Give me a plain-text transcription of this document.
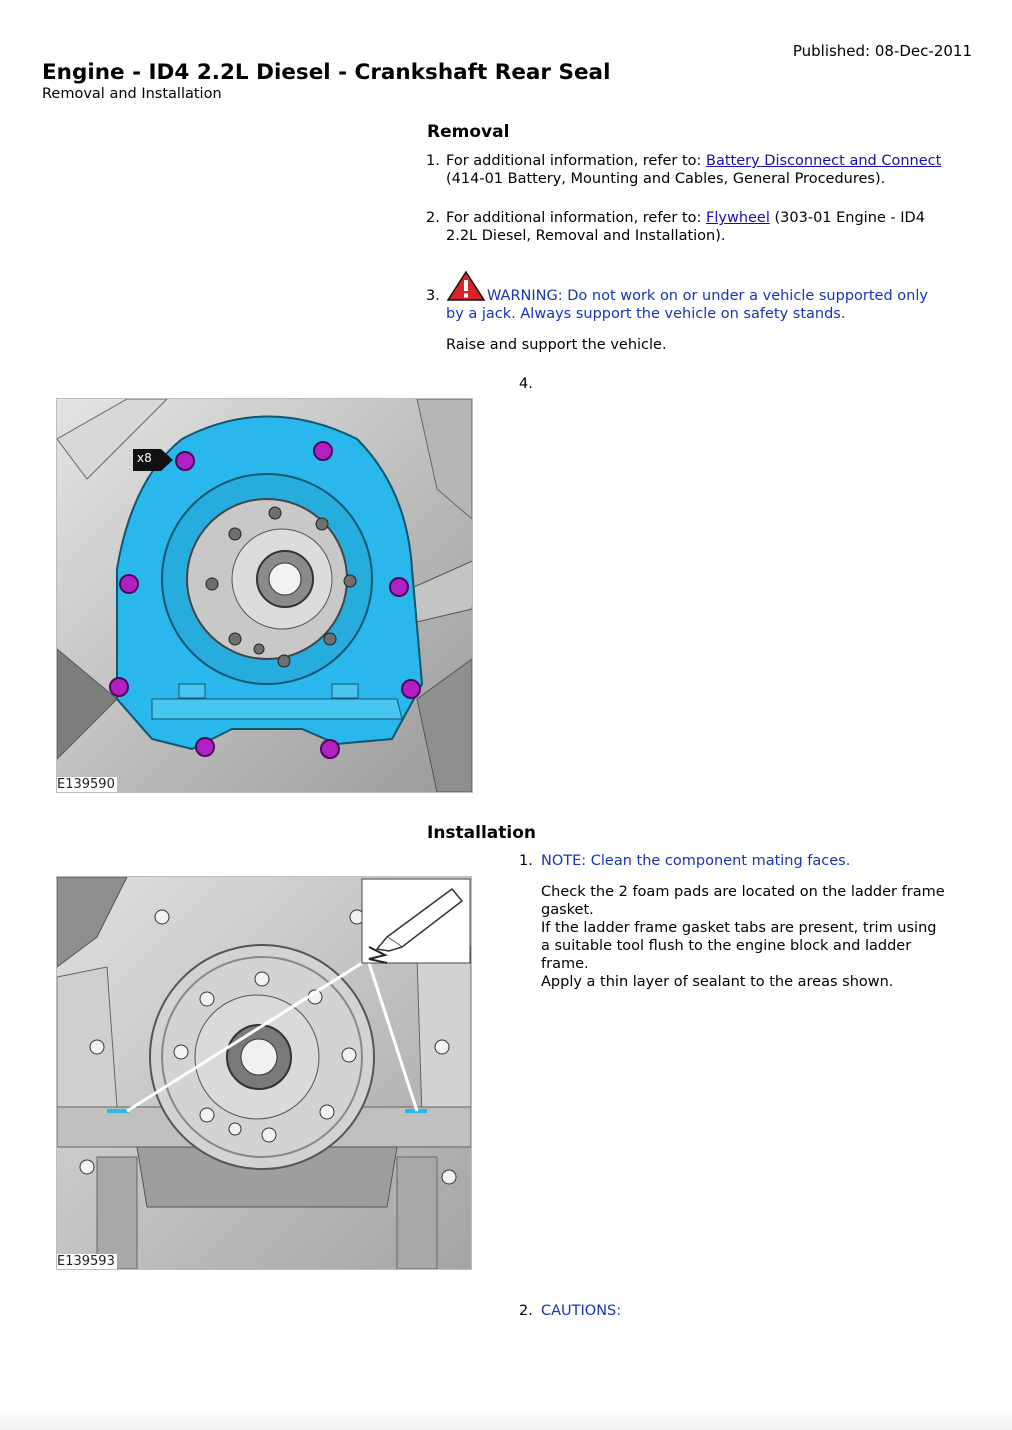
Published: 08-Dec-2011
Engine - ID4 2.2L Diesel - Crankshaft Rear Seal
Removal and Installation
Removal
1. For additional information, refer to: Battery Disconnect and Connect
(414-01 Battery, Mounting and Cables, General Procedures).
2. For additional information, refer to: Flywheel (303-01 Engine - ID4
2.2L Diesel, Removal and Installation).
3.	WARNING: Do not work on or under a vehicle supported only
by a jack. Always support the vehicle on safety stands.
Raise and support the vehicle.
4.
x8
E139590
Installation
1. NOTE: Clean the component mating faces.
Check the 2 foam pads are located on the ladder frame
gasket.
If the ladder frame gasket tabs are present, trim using
a suitable tool flush to the engine block and ladder
frame.
Apply a thin layer of sealant to the areas shown.
E139593
2. CAUTIONS:
